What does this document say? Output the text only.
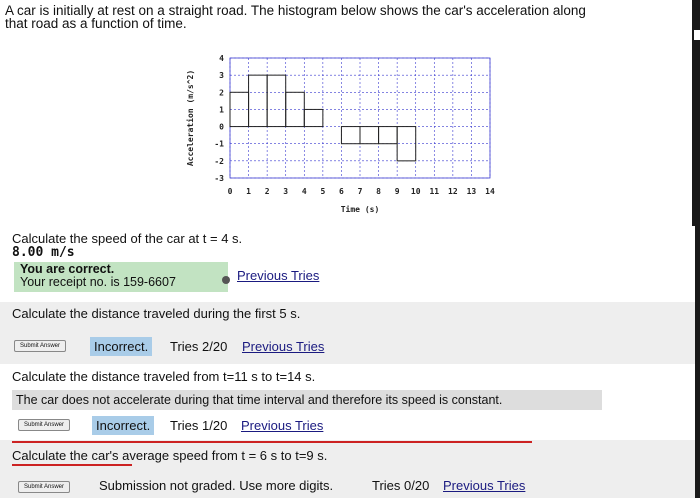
A car is initially at rest on a straight road. The histogram below shows the car's acceleration along
that road as a function of time.
0 1 2 3 4 5 6 7 8 9 10 11 12 13 14
4
3
2
1
0
-1
-2
-3
Time (s)
Acceleration (m/s^2)
Calculate the speed of the car at t = 4 s.
8.00 m/s
You are correct.
Your receipt no. is 159-6607	Previous Tries
Calculate the distance traveled during the first 5 s.
Submit Answer	Incorrect.	Tries 2/20 Previous Tries
Calculate the distance traveled from t=11 s to t=14 s.
The car does not accelerate during that time interval and therefore its speed is constant.
Submit Answer	Incorrect.	Tries 1/20 Previous Tries
Calculate the car's average speed from t = 6 s to t=9 s.
Submit Answer	Submission not graded. Use more digits.	Tries 0/20 Previous Tries
